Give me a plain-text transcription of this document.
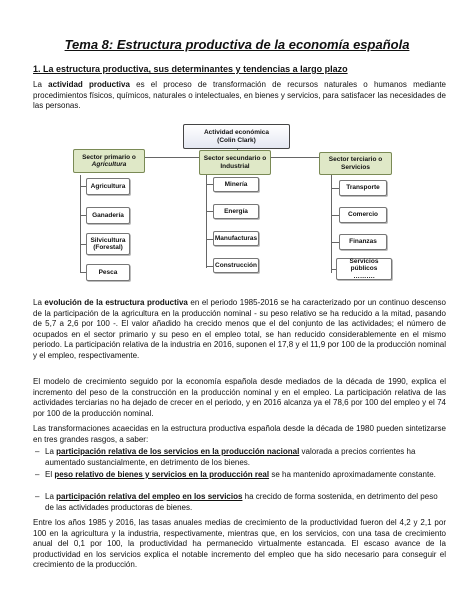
Tema 8: Estructura productiva de la economía española
1. La estructura productiva, sus determinantes y tendencias a largo plazo
La actividad productiva es el proceso de transformación de recursos naturales o humanos mediante procedimientos físicos, químicos, naturales o intelectuales, en bienes y servicios, para satisfacer las necesidades de las personas.
Actividad económica
(Colin Clark)
Sector primario o
Agricultura
Sector secundario o
Industrial
Sector terciario o
Servicios
Agricultura
Ganadería
Silvicultura (Forestal)
Pesca
Minería
Energía
Manufacturas
Construcción
Transporte
Comercio
Finanzas
Servicios públicos
……….
La evolución de la estructura productiva en el periodo 1985-2016 se ha caracterizado por un continuo descenso de la participación de la agricultura en la producción nominal - su peso relativo se ha reducido a la mitad, pasando de 5,7 a 2,6 por 100 -. El valor añadido ha crecido menos que el del conjunto de las actividades; el número de ocupados en el sector primario y su peso en el empleo total, se han reducido considerablemente en el mismo periodo. La participación relativa de la industria en 2016, suponen el 17,8 y el 11,9 por 100 de la producción nominal y el empleo, respectivamente.
El modelo de crecimiento seguido por la economía española desde mediados de la década de 1990, explica el incremento del peso de la construcción en la producción nominal y en el empleo. La participación relativa de las actividades terciarias no ha dejado de crecer en el periodo, y en 2016 alcanza ya el 78,6 por 100 del empleo y el 74 por 100 de la producción nominal.
Las transformaciones acaecidas en la estructura productiva española desde la década de 1980 pueden sintetizarse en tres grandes rasgos, a saber:
– La participación relativa de los servicios en la producción nacional valorada a precios corrientes ha aumentado sustancialmente, en detrimento de los bienes.
– El peso relativo de bienes y servicios en la producción real se ha mantenido aproximadamente constante.
– La participación relativa del empleo en los servicios ha crecido de forma sostenida, en detrimento del peso de las actividades productoras de bienes.
Entre los años 1985 y 2016, las tasas anuales medias de crecimiento de la productividad fueron del 4,2 y 2,1 por 100 en la agricultura y la industria, respectivamente, mientras que, en los servicios, con una tasa de crecimiento anual del 0,1 por 100, la productividad ha permanecido virtualmente estancada. El escaso avance de la productividad en los servicios explica el notable incremento del empleo que ha sido necesario para conseguir el crecimiento de la producción.
